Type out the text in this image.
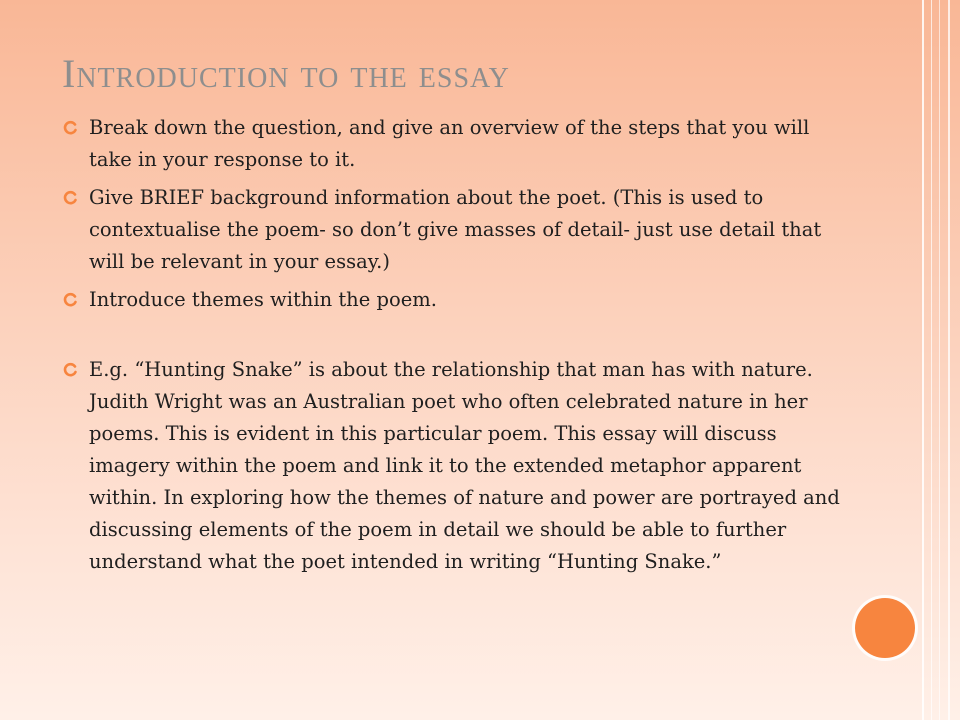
Introduction to the essay
Break down the question, and give an overview of the steps that you will take in your response to it.
Give BRIEF background information about the poet. (This is used to contextualise the poem- so don’t give masses of detail- just use detail that will be relevant in your essay.)
Introduce themes within the poem.
E.g. “Hunting Snake” is about the relationship that man has with nature. Judith Wright was an Australian poet who often celebrated nature in her poems. This is evident in this particular poem. This essay will discuss imagery within the poem and link it to the extended metaphor apparent within. In exploring how the themes of nature and power are portrayed and discussing elements of the poem in detail we should be able to further understand what the poet intended in writing “Hunting Snake.”
